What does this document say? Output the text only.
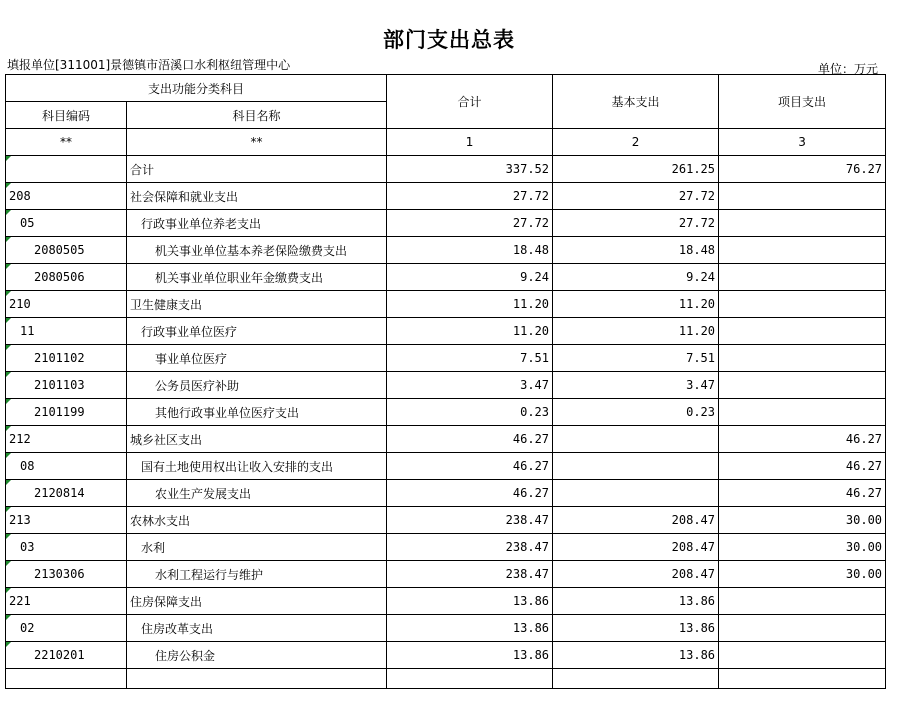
部门支出总表
填报单位[311001]景德镇市浯溪口水利枢纽管理中心	单位：万元
支出功能分类科目		合计	基本支出	项目支出
科目编码	科目名称			
**	**	1	2	3
	合计	337.52	261.25	76.27
208	社会保障和就业支出	27.72	27.72	
05	行政事业单位养老支出	27.72	27.72	
2080505	机关事业单位基本养老保险缴费支出	18.48	18.48	
2080506	机关事业单位职业年金缴费支出	9.24	9.24	
210	卫生健康支出	11.20	11.20	
11	行政事业单位医疗	11.20	11.20	
2101102	事业单位医疗	7.51	7.51	
2101103	公务员医疗补助	3.47	3.47	
2101199	其他行政事业单位医疗支出	0.23	0.23	
212	城乡社区支出	46.27		46.27
08	国有土地使用权出让收入安排的支出	46.27		46.27
2120814	农业生产发展支出	46.27		46.27
213	农林水支出	238.47	208.47	30.00
03	水利	238.47	208.47	30.00
2130306	水利工程运行与维护	238.47	208.47	30.00
221	住房保障支出	13.86	13.86	
02	住房改革支出	13.86	13.86	
2210201	住房公积金	13.86	13.86	
